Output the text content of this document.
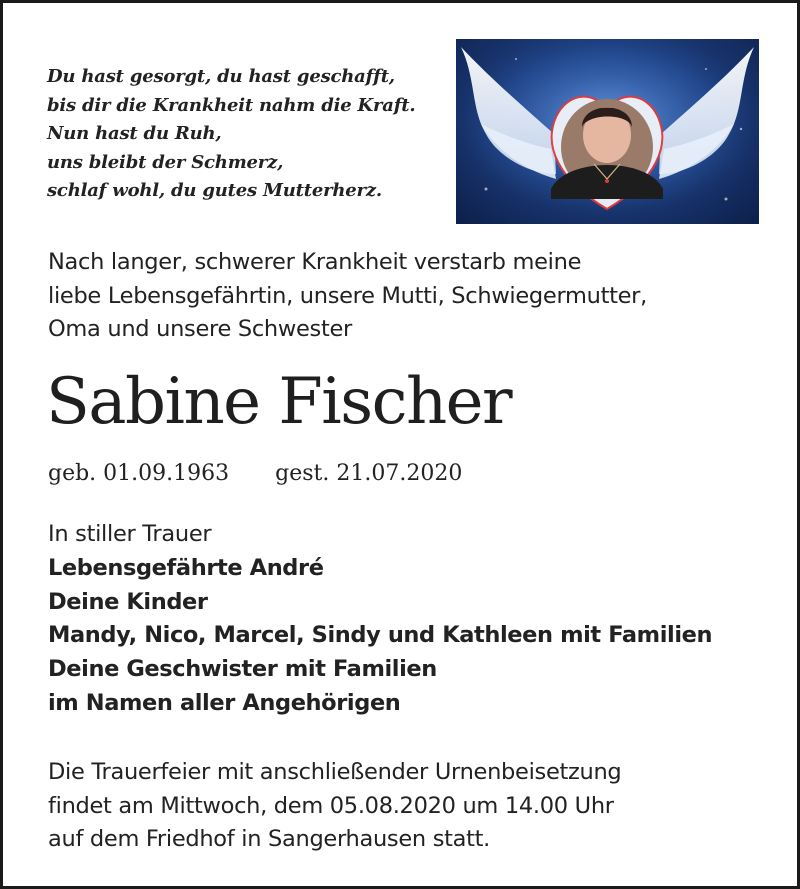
Du hast gesorgt, du hast geschafft,
bis dir die Krankheit nahm die Kraft.
Nun hast du Ruh,
uns bleibt der Schmerz,
schlaf wohl, du gutes Mutterherz.
Nach langer, schwerer Krankheit verstarb meine
liebe Lebensgefährtin, unsere Mutti, Schwiegermutter,
Oma und unsere Schwester
Sabine Fischer
geb. 01.09.1963 gest. 21.07.2020
In stiller Trauer
Lebensgefährte André
Deine Kinder
Mandy, Nico, Marcel, Sindy und Kathleen mit Familien
Deine Geschwister mit Familien
im Namen aller Angehörigen
Die Trauerfeier mit anschließender Urnenbeisetzung
findet am Mittwoch, dem 05.08.2020 um 14.00 Uhr
auf dem Friedhof in Sangerhausen statt.
